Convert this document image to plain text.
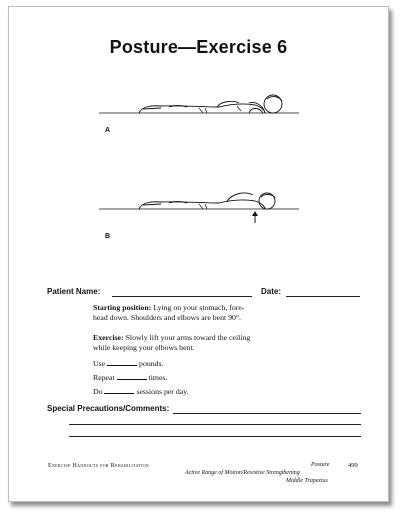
Posture—Exercise 6
A
B
Patient Name:	Date:
Starting position: Lying on your stomach, fore-
head down. Shoulders and elbows are bent 90°.
Exercise: Slowly lift your arms toward the ceiling
while keeping your elbows bent.
Use	pounds.
Repeat	times.
Do	sessions per day.
Special Precautions/Comments:
Exercise Handouts for Rehabilitation	Posture	499
Active Range of Motion/Resistive Strengthening
Middle Trapezius
